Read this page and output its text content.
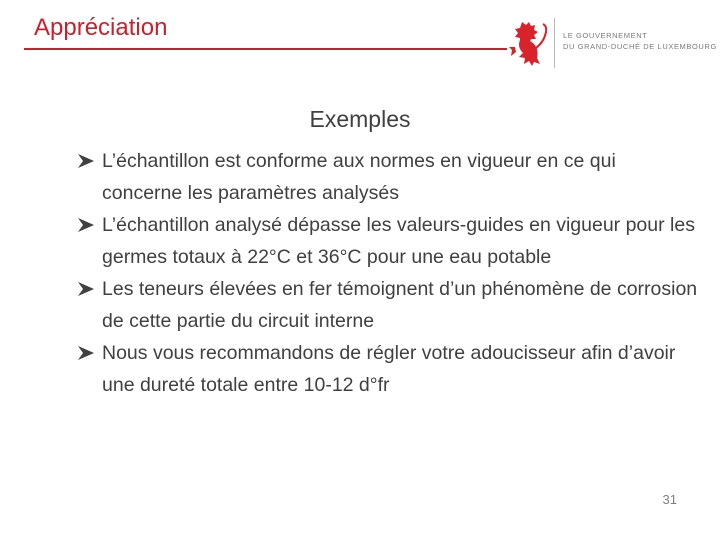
Appréciation	LE GOUVERNEMENT
DU GRAND-DUCHÉ DE LUXEMBOURG
Exemples
L’échantillon est conforme aux normes en vigueur en ce qui concerne les paramètres analysés
L’échantillon analysé dépasse les valeurs-guides en vigueur pour les germes totaux à 22°C et 36°C pour une eau potable
Les teneurs élevées en fer témoignent d’un phénomène de corrosion de cette partie du circuit interne
Nous vous recommandons de régler votre adoucisseur afin d’avoir une dureté totale entre 10-12 d°fr
31
